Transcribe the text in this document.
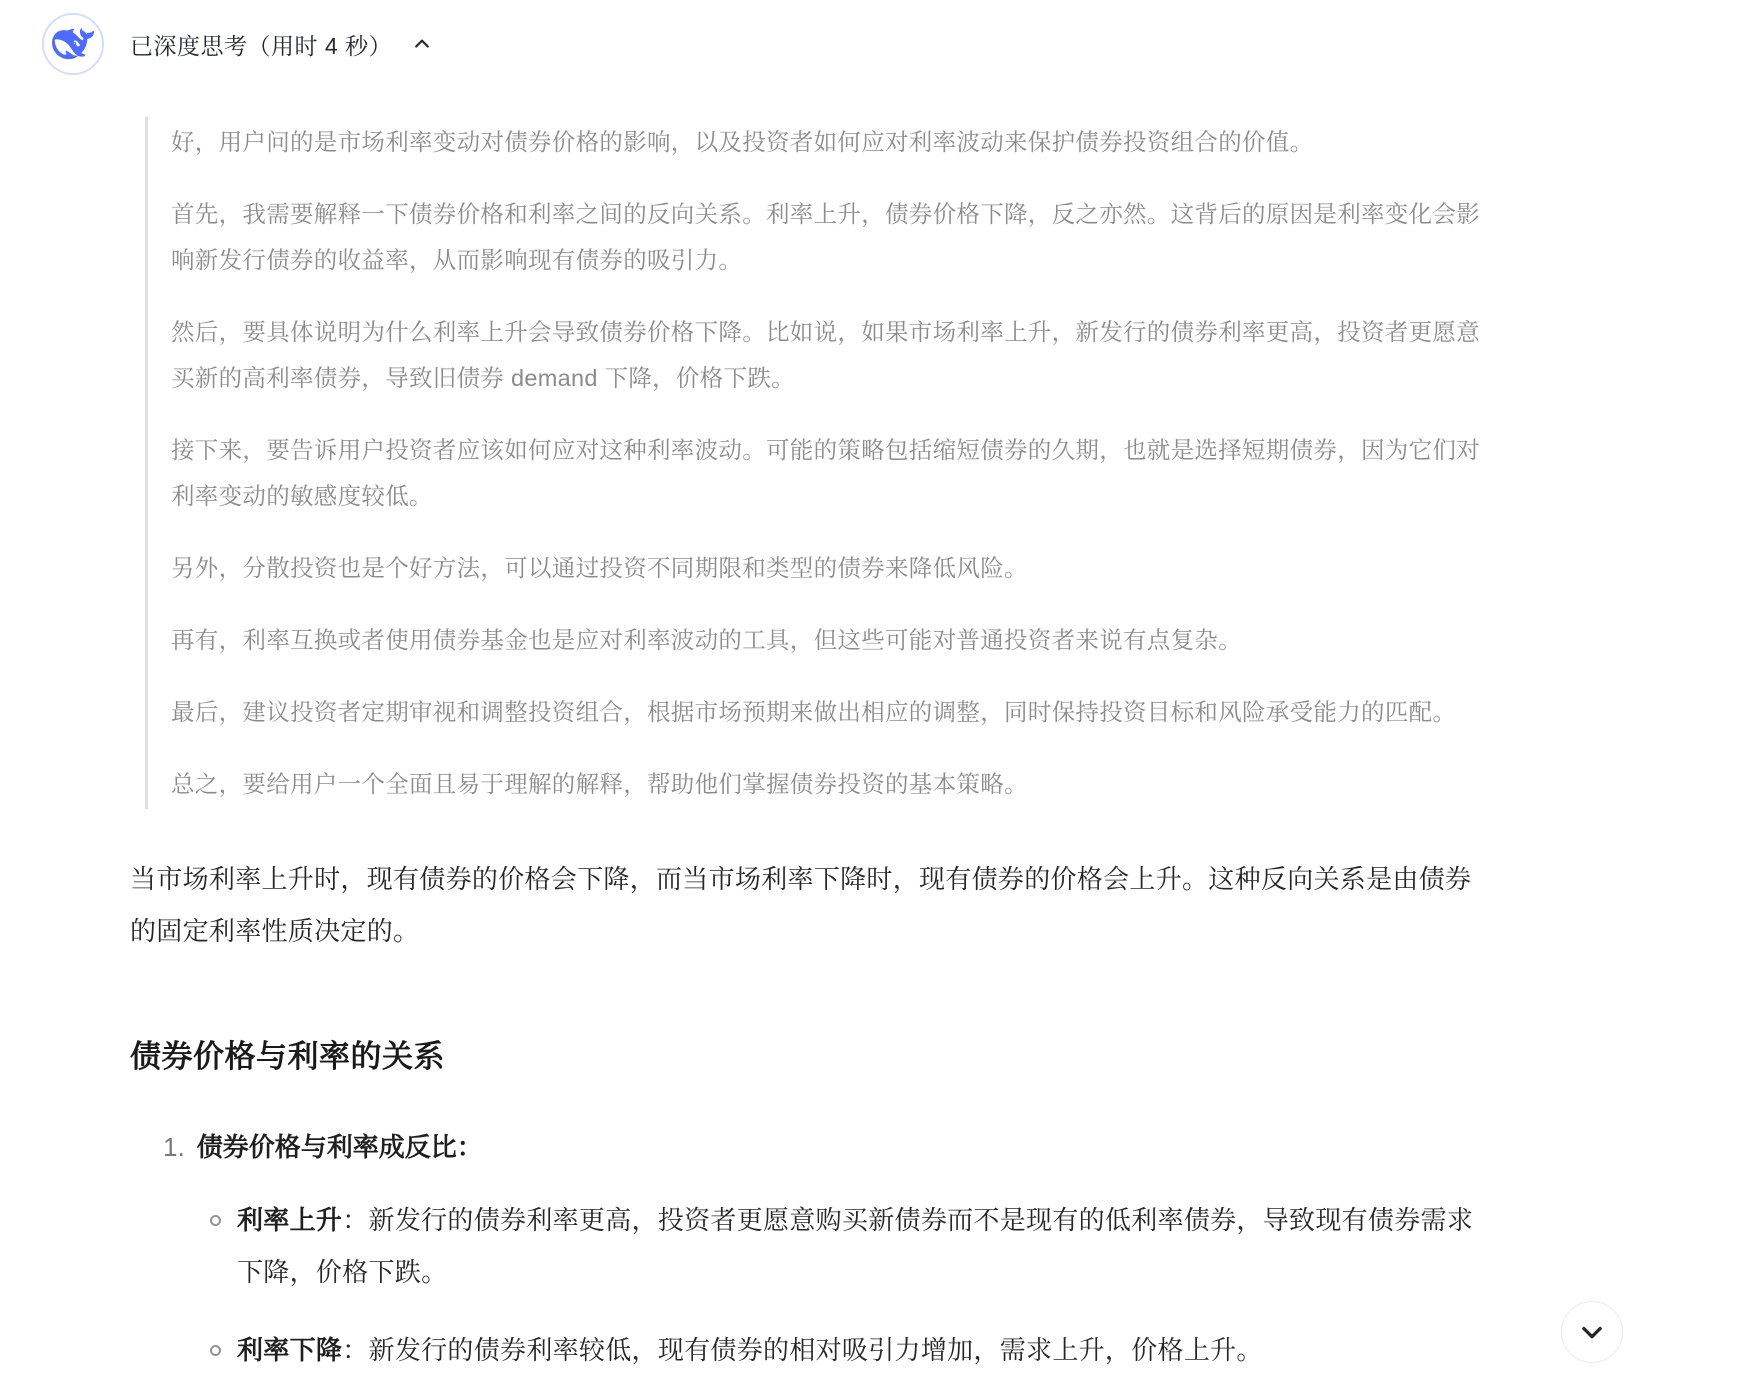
已深度思考（用时 4 秒）

好，用户问的是市场利率变动对债券价格的影响，以及投资者如何应对利率波动来保护债券投资组合的价值。

首先，我需要解释一下债券价格和利率之间的反向关系。利率上升，债券价格下降，反之亦然。这背后的原因是利率变化会影响新发行债券的收益率，从而影响现有债券的吸引力。

然后，要具体说明为什么利率上升会导致债券价格下降。比如说，如果市场利率上升，新发行的债券利率更高，投资者更愿意买新的高利率债券，导致旧债券 demand 下降，价格下跌。

接下来，要告诉用户投资者应该如何应对这种利率波动。可能的策略包括缩短债券的久期，也就是选择短期债券，因为它们对利率变动的敏感度较低。

另外，分散投资也是个好方法，可以通过投资不同期限和类型的债券来降低风险。

再有，利率互换或者使用债券基金也是应对利率波动的工具，但这些可能对普通投资者来说有点复杂。

最后，建议投资者定期审视和调整投资组合，根据市场预期来做出相应的调整，同时保持投资目标和风险承受能力的匹配。

总之，要给用户一个全面且易于理解的解释，帮助他们掌握债券投资的基本策略。

当市场利率上升时，现有债券的价格会下降，而当市场利率下降时，现有债券的价格会上升。这种反向关系是由债券的固定利率性质决定的。

债券价格与利率的关系
1. 债券价格与利率成反比：
利率上升：新发行的债券利率更高，投资者更愿意购买新债券而不是现有的低利率债券，导致现有债券需求下降，价格下跌。
利率下降：新发行的债券利率较低，现有债券的相对吸引力增加，需求上升，价格上升。
